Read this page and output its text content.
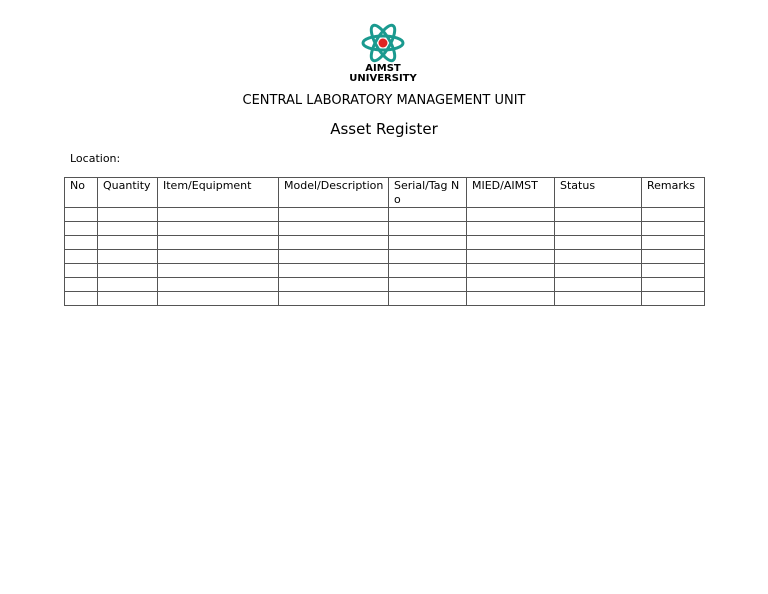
AIMST
UNIVERSITY
CENTRAL LABORATORY MANAGEMENT UNIT
Asset Register
Location:
No	Quantity	Item/Equipment	Model/Description	Serial/Tag No	MIED/AIMST	Status	Remarks
